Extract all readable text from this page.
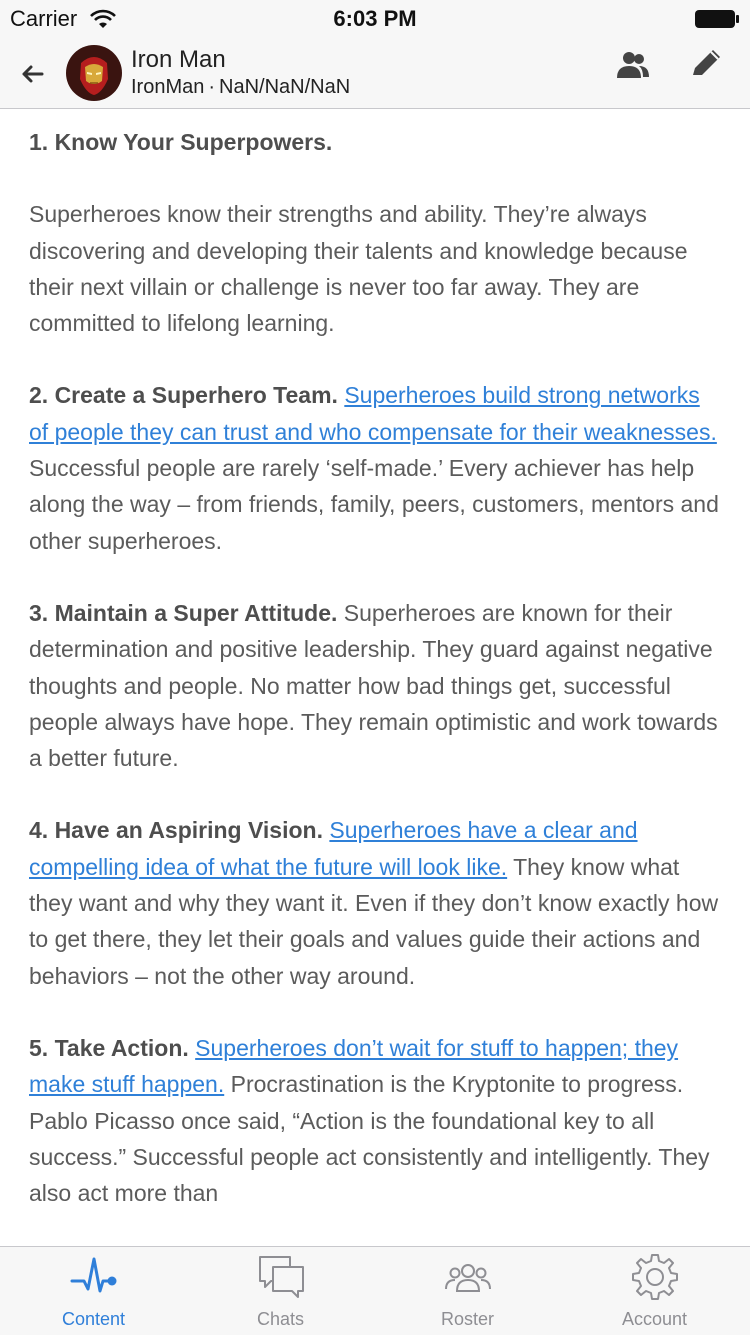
Carrier	6:03 PM
Iron Man
IronMan · NaN/NaN/NaN

1. Know Your Superpowers.

Superheroes know their strengths and ability. They’re always discovering and developing their talents and knowledge because their next villain or challenge is never too far away. They are committed to lifelong learning.

2. Create a Superhero Team. Superheroes build strong networks of people they can trust and who compensate for their weaknesses. Successful people are rarely ‘self-made.’ Every achiever has help along the way – from friends, family, peers, customers, mentors and other superheroes.

3. Maintain a Super Attitude. Superheroes are known for their determination and positive leadership. They guard against negative thoughts and people. No matter how bad things get, successful people always have hope. They remain optimistic and work towards a better future.

4. Have an Aspiring Vision. Superheroes have a clear and compelling idea of what the future will look like. They know what they want and why they want it. Even if they don’t know exactly how to get there, they let their goals and values guide their actions and behaviors – not the other way around.

5. Take Action. Superheroes don’t wait for stuff to happen; they make stuff happen. Procrastination is the Kryptonite to progress. Pablo Picasso once said, “Action is the foundational key to all success.” Successful people act consistently and intelligently. They also act more than

Content	Chats	Roster	Account
